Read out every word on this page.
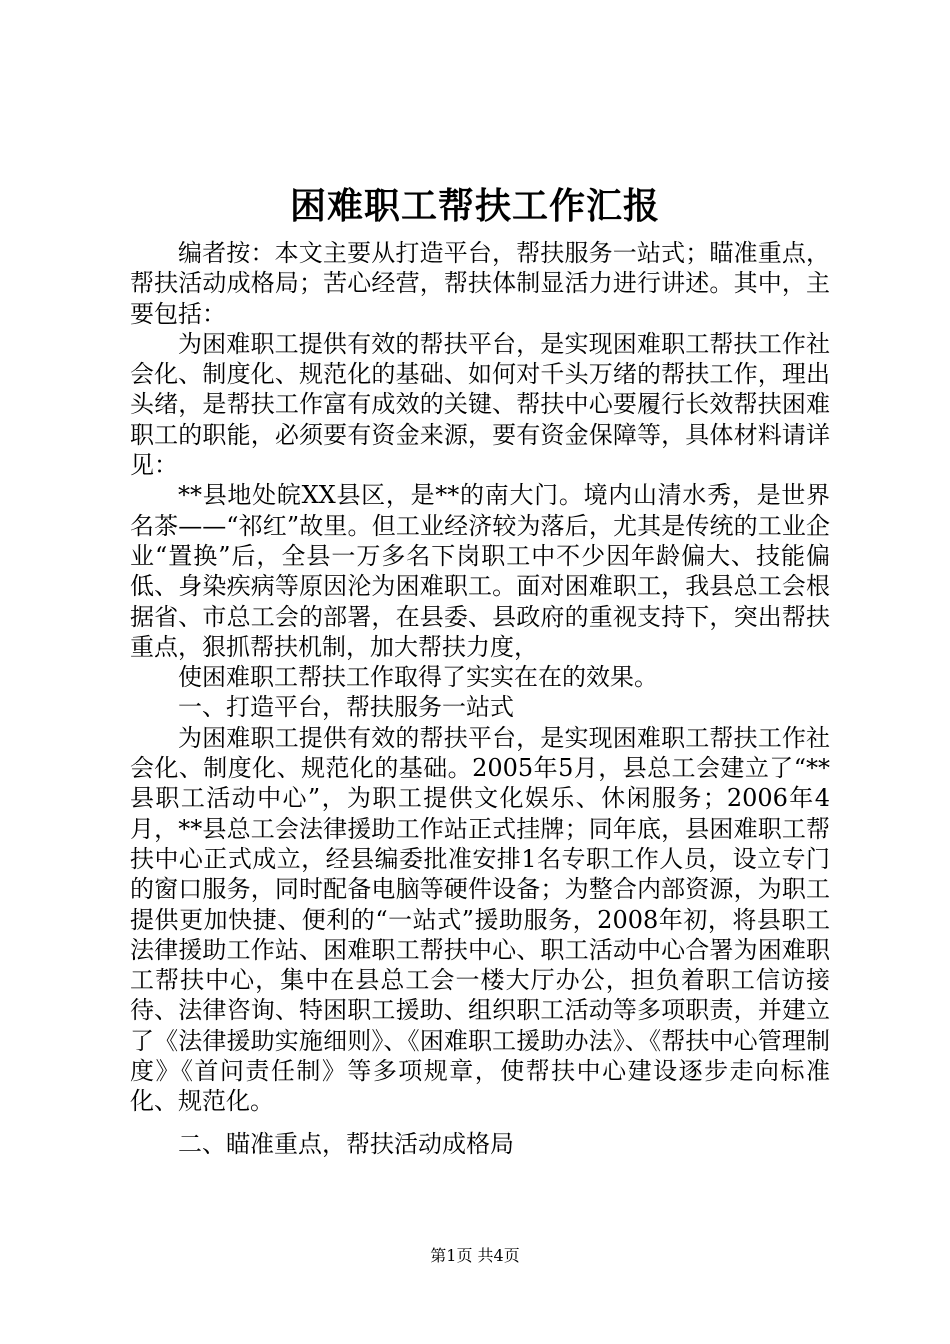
困难职工帮扶工作汇报

编者按：本文主要从打造平台，帮扶服务一站式；瞄准重点，帮扶活动成格局；苦心经营，帮扶体制显活力进行讲述。其中，主要包括：

为困难职工提供有效的帮扶平台，是实现困难职工帮扶工作社会化、制度化、规范化的基础、如何对千头万绪的帮扶工作，理出头绪，是帮扶工作富有成效的关键、帮扶中心要履行长效帮扶困难职工的职能，必须要有资金来源，要有资金保障等，具体材料请详见：

**县地处皖XX县区，是**的南大门。境内山清水秀，是世界名茶——“祁红”故里。但工业经济较为落后，尤其是传统的工业企业“置换”后，全县一万多名下岗职工中不少因年龄偏大、技能偏低、身染疾病等原因沦为困难职工。面对困难职工，我县总工会根据省、市总工会的部署，在县委、县政府的重视支持下，突出帮扶重点，狠抓帮扶机制，加大帮扶力度，

使困难职工帮扶工作取得了实实在在的效果。

一、打造平台，帮扶服务一站式

为困难职工提供有效的帮扶平台，是实现困难职工帮扶工作社会化、制度化、规范化的基础。2005年5月，县总工会建立了“**县职工活动中心”，为职工提供文化娱乐、休闲服务；2006年4月，**县总工会法律援助工作站正式挂牌；同年底，县困难职工帮扶中心正式成立，经县编委批准安排1名专职工作人员，设立专门的窗口服务，同时配备电脑等硬件设备；为整合内部资源，为职工提供更加快捷、便利的“一站式”援助服务，2008年初，将县职工法律援助工作站、困难职工帮扶中心、职工活动中心合署为困难职工帮扶中心，集中在县总工会一楼大厅办公，担负着职工信访接待、法律咨询、特困职工援助、组织职工活动等多项职责，并建立了《法律援助实施细则》、《困难职工援助办法》、《帮扶中心管理制度》《首问责任制》等多项规章，使帮扶中心建设逐步走向标准化、规范化。

二、瞄准重点，帮扶活动成格局

第1页 共4页
